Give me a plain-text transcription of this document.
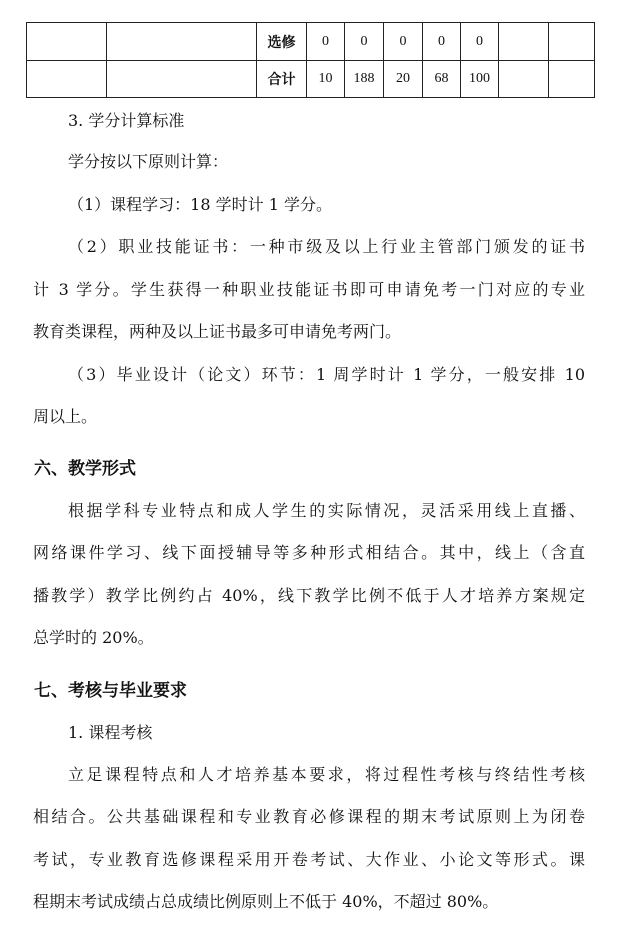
		选修	0	0	0	0	0		
		合计	10	188	20	68	100		
3. 学分计算标准
学分按以下原则计算：
（1）课程学习：18 学时计 1 学分。
（2）职业技能证书：一种市级及以上行业主管部门颁发的证书
计 3 学分。学生获得一种职业技能证书即可申请免考一门对应的专业
教育类课程，两种及以上证书最多可申请免考两门。
（3）毕业设计（论文）环节：1 周学时计 1 学分，一般安排 10
周以上。
六、教学形式
根据学科专业特点和成人学生的实际情况，灵活采用线上直播、
网络课件学习、线下面授辅导等多种形式相结合。其中，线上（含直
播教学）教学比例约占 40%，线下教学比例不低于人才培养方案规定
总学时的 20%。
七、考核与毕业要求
1. 课程考核
立足课程特点和人才培养基本要求，将过程性考核与终结性考核
相结合。公共基础课程和专业教育必修课程的期末考试原则上为闭卷
考试，专业教育选修课程采用开卷考试、大作业、小论文等形式。课
程期末考试成绩占总成绩比例原则上不低于 40%，不超过 80%。
